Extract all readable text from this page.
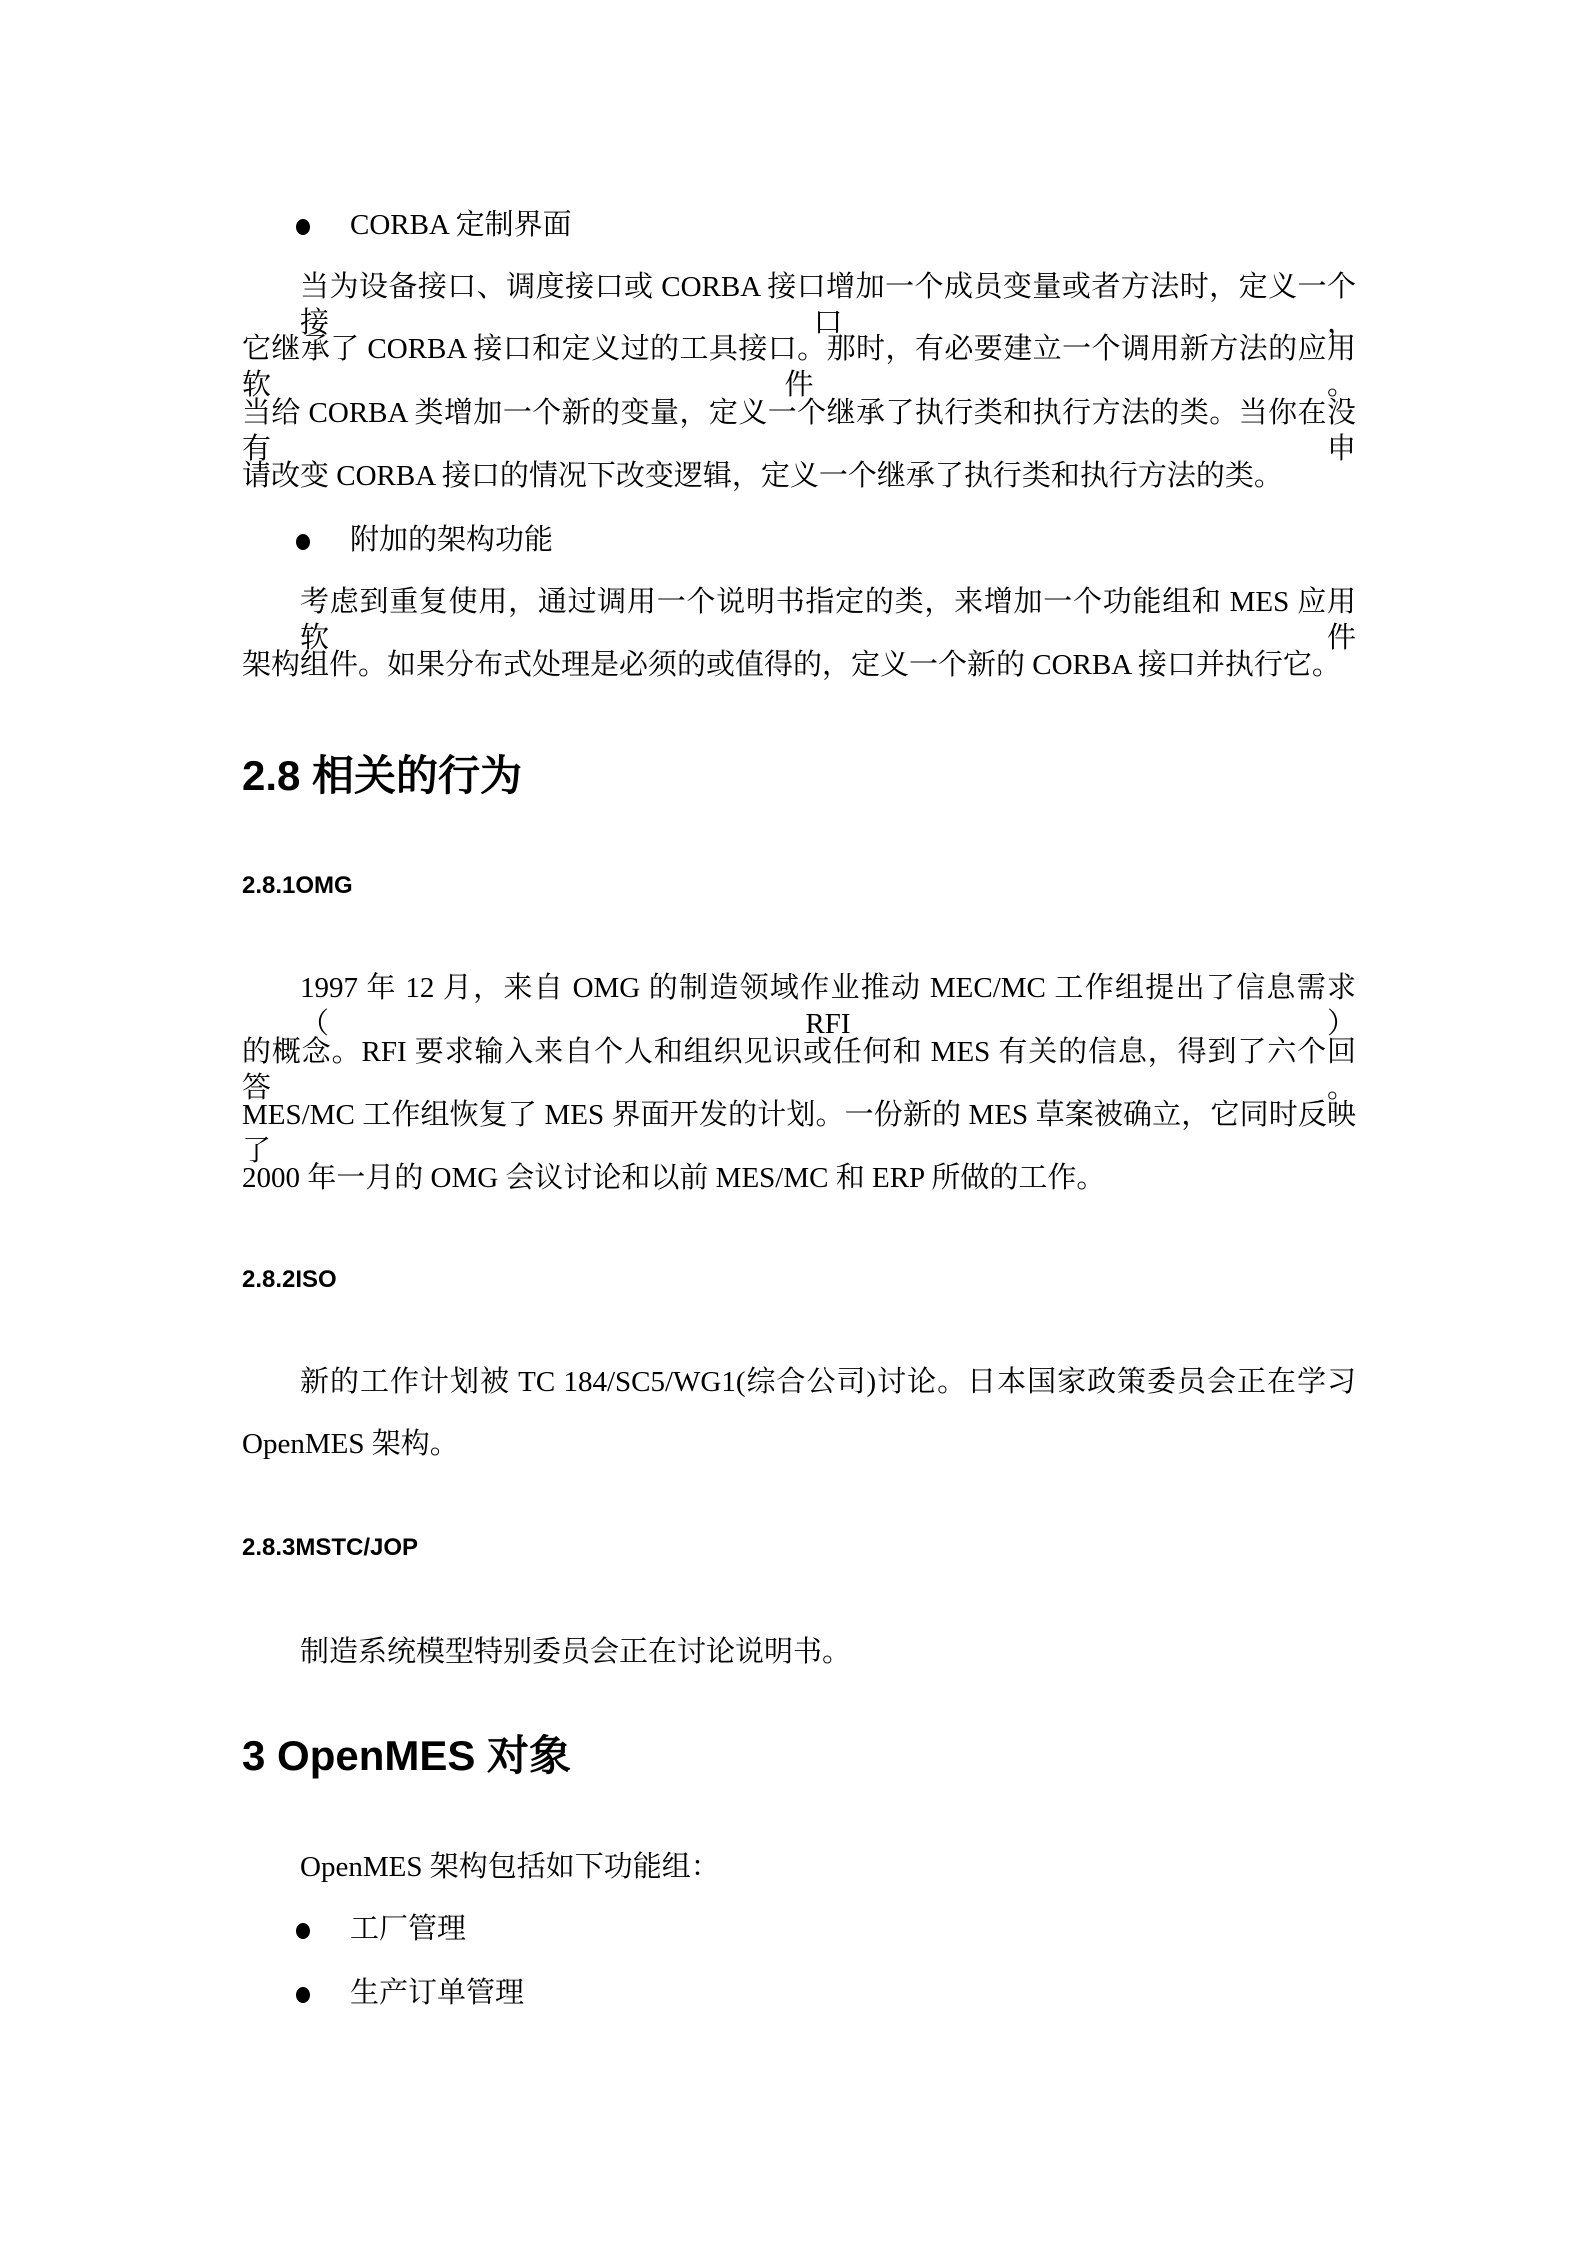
CORBA 定制界面
当为设备接口、调度接口或 CORBA 接口增加一个成员变量或者方法时，定义一个接口，
它继承了 CORBA 接口和定义过的工具接口。那时，有必要建立一个调用新方法的应用软件。
当给 CORBA 类增加一个新的变量，定义一个继承了执行类和执行方法的类。当你在没有申
请改变 CORBA 接口的情况下改变逻辑，定义一个继承了执行类和执行方法的类。
附加的架构功能
考虑到重复使用，通过调用一个说明书指定的类，来增加一个功能组和 MES 应用软件
架构组件。如果分布式处理是必须的或值得的，定义一个新的 CORBA 接口并执行它。
2.8 相关的行为
2.8.1OMG
1997 年 12 月，来自 OMG 的制造领域作业推动 MEC/MC 工作组提出了信息需求（RFI）
的概念。RFI 要求输入来自个人和组织见识或任何和 MES 有关的信息，得到了六个回答。
MES/MC 工作组恢复了 MES 界面开发的计划。一份新的 MES 草案被确立，它同时反映了
2000 年一月的 OMG 会议讨论和以前 MES/MC 和 ERP 所做的工作。
2.8.2ISO
新的工作计划被 TC 184/SC5/WG1(综合公司)讨论。日本国家政策委员会正在学习
OpenMES 架构。
2.8.3MSTC/JOP
制造系统模型特别委员会正在讨论说明书。
3 OpenMES 对象
OpenMES 架构包括如下功能组：
工厂管理
生产订单管理
